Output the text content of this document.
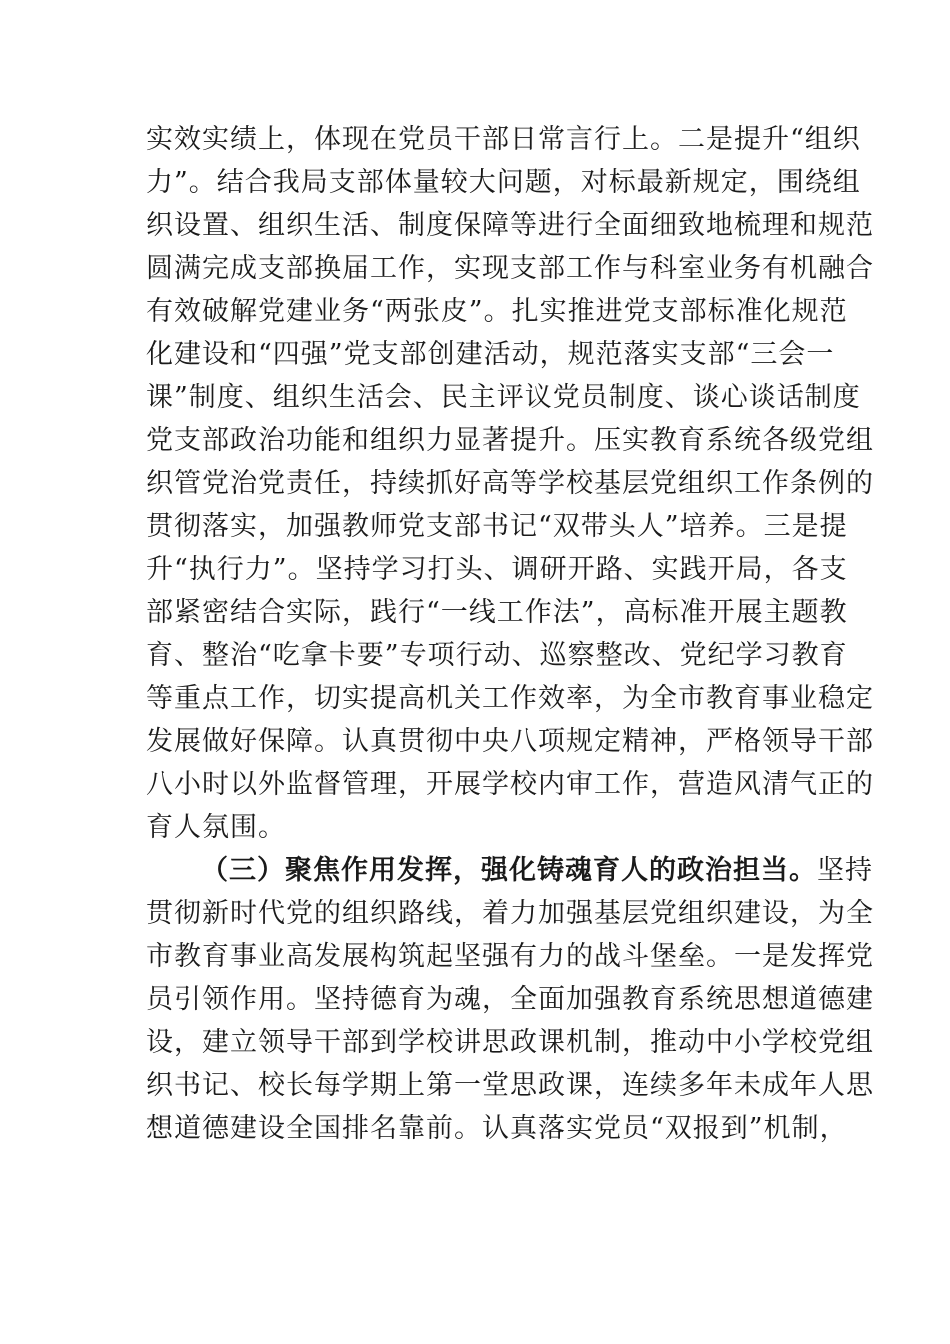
实效实绩上，体现在党员干部日常言行上。二是提升“组织
力”。结合我局支部体量较大问题，对标最新规定，围绕组
织设置、组织生活、制度保障等进行全面细致地梳理和规范
圆满完成支部换届工作，实现支部工作与科室业务有机融合
有效破解党建业务“两张皮”。扎实推进党支部标准化规范
化建设和“四强”党支部创建活动，规范落实支部“三会一
课”制度、组织生活会、民主评议党员制度、谈心谈话制度
党支部政治功能和组织力显著提升。压实教育系统各级党组
织管党治党责任，持续抓好高等学校基层党组织工作条例的
贯彻落实，加强教师党支部书记“双带头人”培养。三是提
升“执行力”。坚持学习打头、调研开路、实践开局，各支
部紧密结合实际，践行“一线工作法”，高标准开展主题教
育、整治“吃拿卡要”专项行动、巡察整改、党纪学习教育
等重点工作，切实提高机关工作效率，为全市教育事业稳定
发展做好保障。认真贯彻中央八项规定精神，严格领导干部
八小时以外监督管理，开展学校内审工作，营造风清气正的
育人氛围。
（三）聚焦作用发挥，强化铸魂育人的政治担当。坚持
贯彻新时代党的组织路线，着力加强基层党组织建设，为全
市教育事业高发展构筑起坚强有力的战斗堡垒。一是发挥党
员引领作用。坚持德育为魂，全面加强教育系统思想道德建
设，建立领导干部到学校讲思政课机制，推动中小学校党组
织书记、校长每学期上第一堂思政课，连续多年未成年人思
想道德建设全国排名靠前。认真落实党员“双报到”机制，
